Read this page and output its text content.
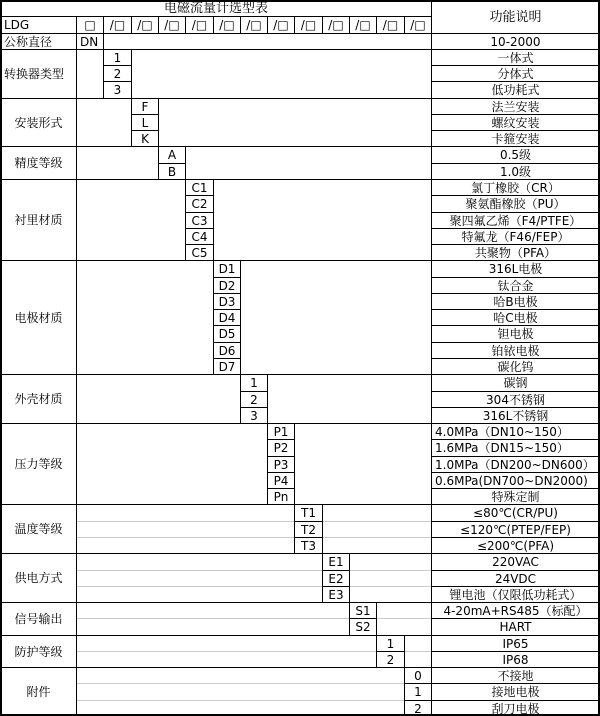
电磁流量计选型表
功能说明
LDG	□	/□	/□ /□	/□	/□ /□ /□	/□	/□ /□	/□	/□
公称直径	DN	10-2000
转换器类型
1	一体式
2	分体式
3	低功耗式
安装形式
F	法兰安装
L	螺纹安装
K	卡箍安装
精度等级
A	0.5级
B	1.0级
衬里材质
C1	氯丁橡胶（CR）
C2	聚氨酯橡胶（PU）
C3	聚四氟乙烯（F4/PTFE）
C4	特氟龙（F46/FEP）
C5	共聚物（PFA）
电极材质
D1	316L电极
D2	钛合金
D3	哈B电极
D4	哈C电极
D5	钽电极
D6	铂铱电极
D7	碳化钨
外壳材质
1	碳钢
2	304不锈钢
3	316L不锈钢
压力等级
P1	4.0MPa（DN10~150）
P2	1.6MPa（DN15~150）
P3	1.0MPa（DN200~DN600）
P4	0.6MPa(DN700~DN2000)
Pn	特殊定制
温度等级
T1	≤80℃(CR/PU)
T2	≤120℃(PTEP/FEP)
T3	≤200℃(PFA)
供电方式
E1	220VAC
E2	24VDC
E3	锂电池（仅限低功耗式）
信号输出
S1	4-20mA+RS485（标配）
S2	HART
防护等级
1	IP65
2	IP68
附件
0	不接地
1	接地电极
2	刮刀电极
